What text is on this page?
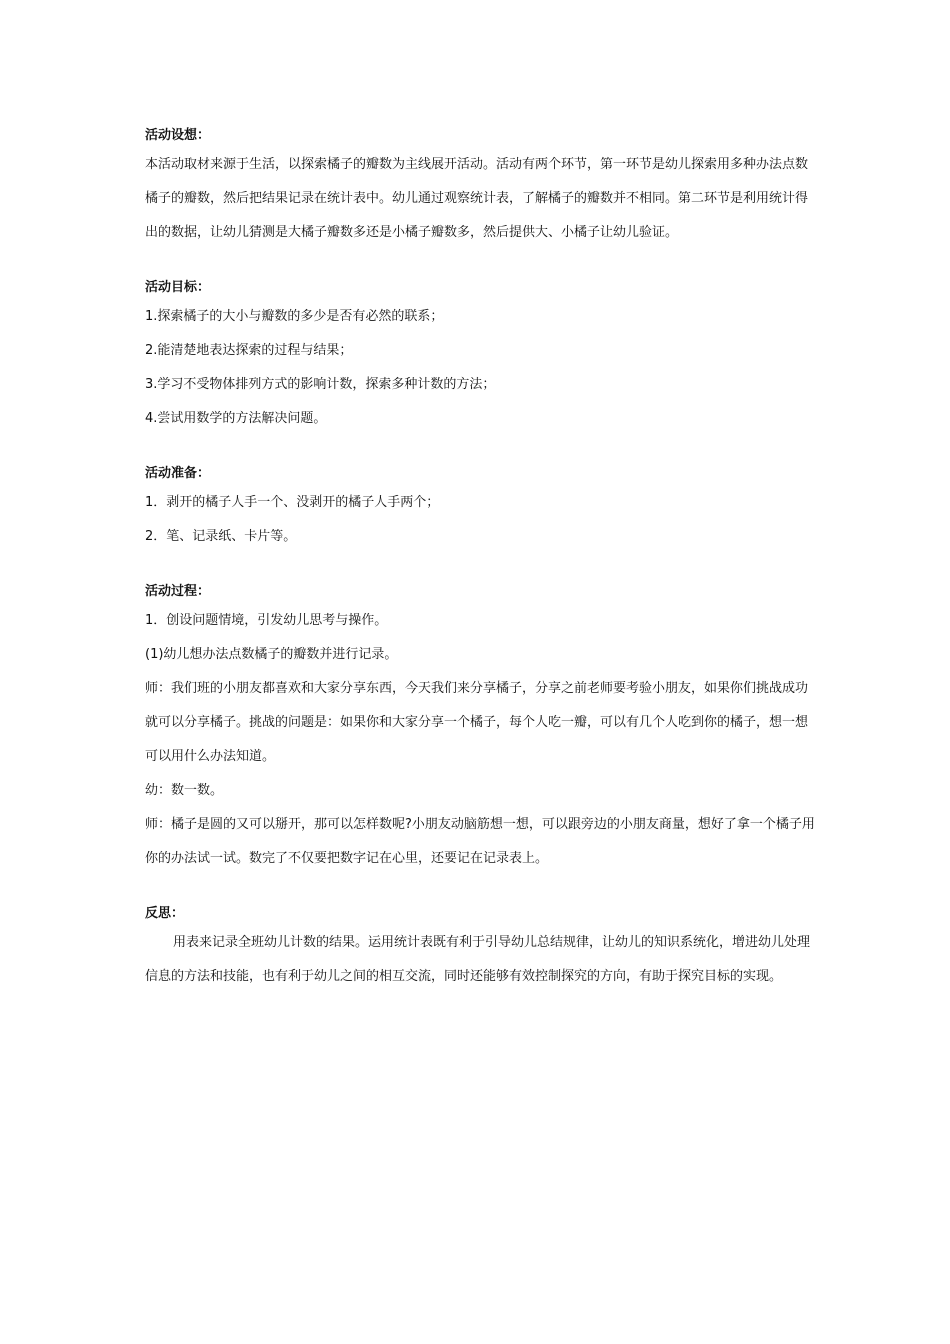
活动设想：

本活动取材来源于生活，以探索橘子的瓣数为主线展开活动。活动有两个环节，第一环节是幼儿探索用多种办法点数橘子的瓣数，然后把结果记录在统计表中。幼儿通过观察统计表，了解橘子的瓣数并不相同。第二环节是利用统计得出的数据，让幼儿猜测是大橘子瓣数多还是小橘子瓣数多，然后提供大、小橘子让幼儿验证。

活动目标：

1.探索橘子的大小与瓣数的多少是否有必然的联系；

2.能清楚地表达探索的过程与结果；

3.学习不受物体排列方式的影响计数，探索多种计数的方法；

4.尝试用数学的方法解决问题。

活动准备：

1．剥开的橘子人手一个、没剥开的橘子人手两个；

2．笔、记录纸、卡片等。

活动过程：

1．创设问题情境，引发幼儿思考与操作。

(1)幼儿想办法点数橘子的瓣数并进行记录。

师：我们班的小朋友都喜欢和大家分享东西，今天我们来分享橘子，分享之前老师要考验小朋友，如果你们挑战成功就可以分享橘子。挑战的问题是：如果你和大家分享一个橘子，每个人吃一瓣，可以有几个人吃到你的橘子，想一想可以用什么办法知道。

幼：数一数。

师：橘子是圆的又可以掰开，那可以怎样数呢?小朋友动脑筋想一想，可以跟旁边的小朋友商量，想好了拿一个橘子用你的办法试一试。数完了不仅要把数字记在心里，还要记在记录表上。

反思：

用表来记录全班幼儿计数的结果。运用统计表既有利于引导幼儿总结规律，让幼儿的知识系统化，增进幼儿处理信息的方法和技能，也有利于幼儿之间的相互交流，同时还能够有效控制探究的方向，有助于探究目标的实现。
